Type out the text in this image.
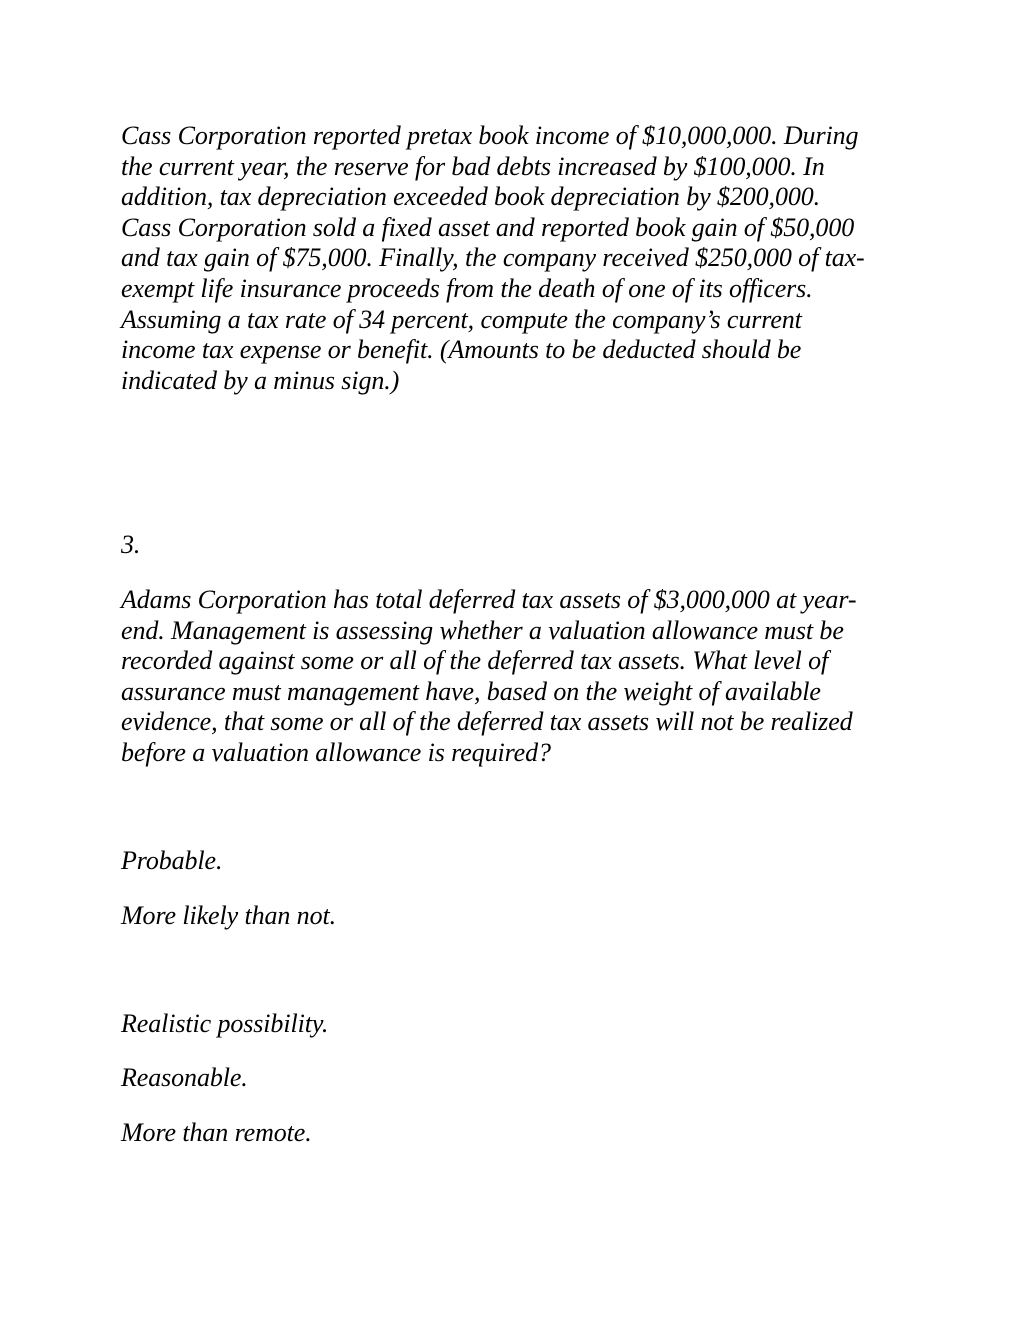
Cass Corporation reported pretax book income of $10,000,000. During
the current year, the reserve for bad debts increased by $100,000. In
addition, tax depreciation exceeded book depreciation by $200,000.
Cass Corporation sold a fixed asset and reported book gain of $50,000
and tax gain of $75,000. Finally, the company received $250,000 of tax-
exempt life insurance proceeds from the death of one of its officers.
Assuming a tax rate of 34 percent, compute the company’s current
income tax expense or benefit. (Amounts to be deducted should be
indicated by a minus sign.)

3.

Adams Corporation has total deferred tax assets of $3,000,000 at year-
end. Management is assessing whether a valuation allowance must be
recorded against some or all of the deferred tax assets. What level of
assurance must management have, based on the weight of available
evidence, that some or all of the deferred tax assets will not be realized
before a valuation allowance is required?

Probable.

More likely than not.

Realistic possibility.

Reasonable.

More than remote.
